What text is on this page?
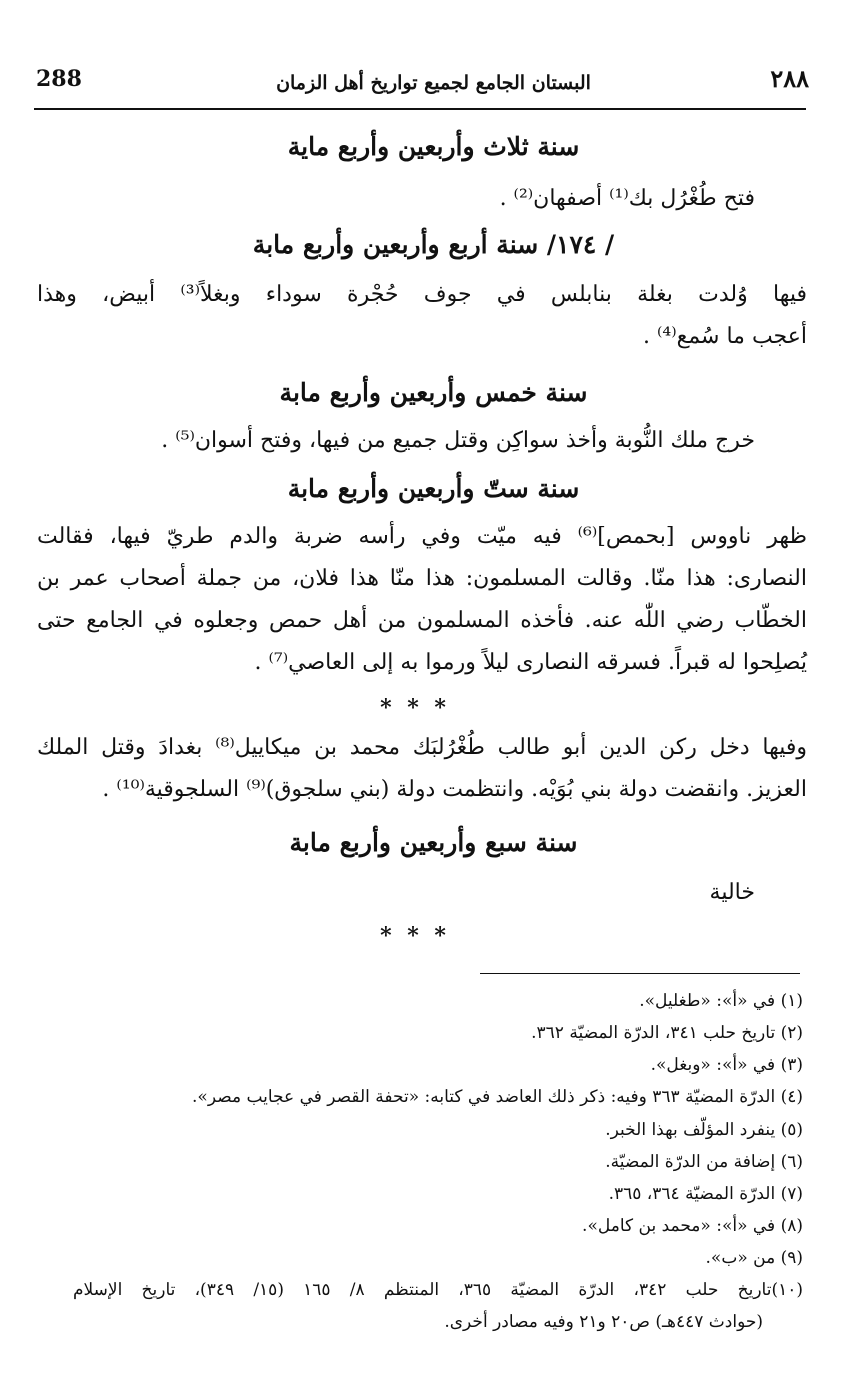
288	البستان الجامع لجميع تواريخ أهل الزمان	٢٨٨
سنة ثلاث وأربعين وأربع ماية
فتح طُغْرُل بك⁽¹⁾ أصفهان⁽²⁾ .
/ ١٧٤/ سنة أربع وأربعين وأربع مابة
فيها وُلدت بغلة بنابلس في جوف حُجْرة سوداء وبغلاً⁽³⁾ أبيض، وهذا
أعجب ما سُمع⁽⁴⁾ .
سنة خمس وأربعين وأربع مابة
خرج ملك النُّوبة وأخذ سواكِن وقتل جميع من فيها، وفتح أسوان⁽⁵⁾ .
سنة ستّ وأربعين وأربع مابة
ظهر ناووس [بحمص]⁽⁶⁾ فيه ميّت وفي رأسه ضربة والدم طريّ فيها، فقالت
النصارى: هذا منّا. وقالت المسلمون: هذا منّا هذا فلان، من جملة أصحاب عمر بن
الخطّاب رضي اللّٰه عنه. فأخذه المسلمون من أهل حمص وجعلوه في الجامع حتى
يُصلِحوا له قبراً. فسرقه النصارى ليلاً ورموا به إلى العاصي⁽⁷⁾ .
* * *
وفيها دخل ركن الدين أبو طالب طُغْرُلبَك محمد بن ميكاييل⁽⁸⁾ بغدادَ وقتل الملك
العزيز. وانقضت دولة بني بُوَيْه. وانتظمت دولة (بني سلجوق)⁽⁹⁾ السلجوقية⁽¹⁰⁾ .
سنة سبع وأربعين وأربع مابة
خالية
* * *
(١) في «أ»: «طغليل».
(٢) تاريخ حلب ٣٤١، الدرّة المضيّة ٣٦٢.
(٣) في «أ»: «وبغل».
(٤) الدرّة المضيّة ٣٦٣ وفيه: ذكر ذلك العاضد في كتابه: «تحفة القصر في عجايب مصر».
(٥) ينفرد المؤلّف بهذا الخبر.
(٦) إضافة من الدرّة المضيّة.
(٧) الدرّة المضيّة ٣٦٤، ٣٦٥.
(٨) في «أ»: «محمد بن كامل».
(٩) من «ب».
(١٠)تاريخ حلب ٣٤٢، الدرّة المضيّة ٣٦٥، المنتظم ٨/ ١٦٥ (١٥/ ٣٤٩)، تاريخ الإسلام
(حوادث ٤٤٧هـ) ص٢٠ و٢١ وفيه مصادر أخرى.
